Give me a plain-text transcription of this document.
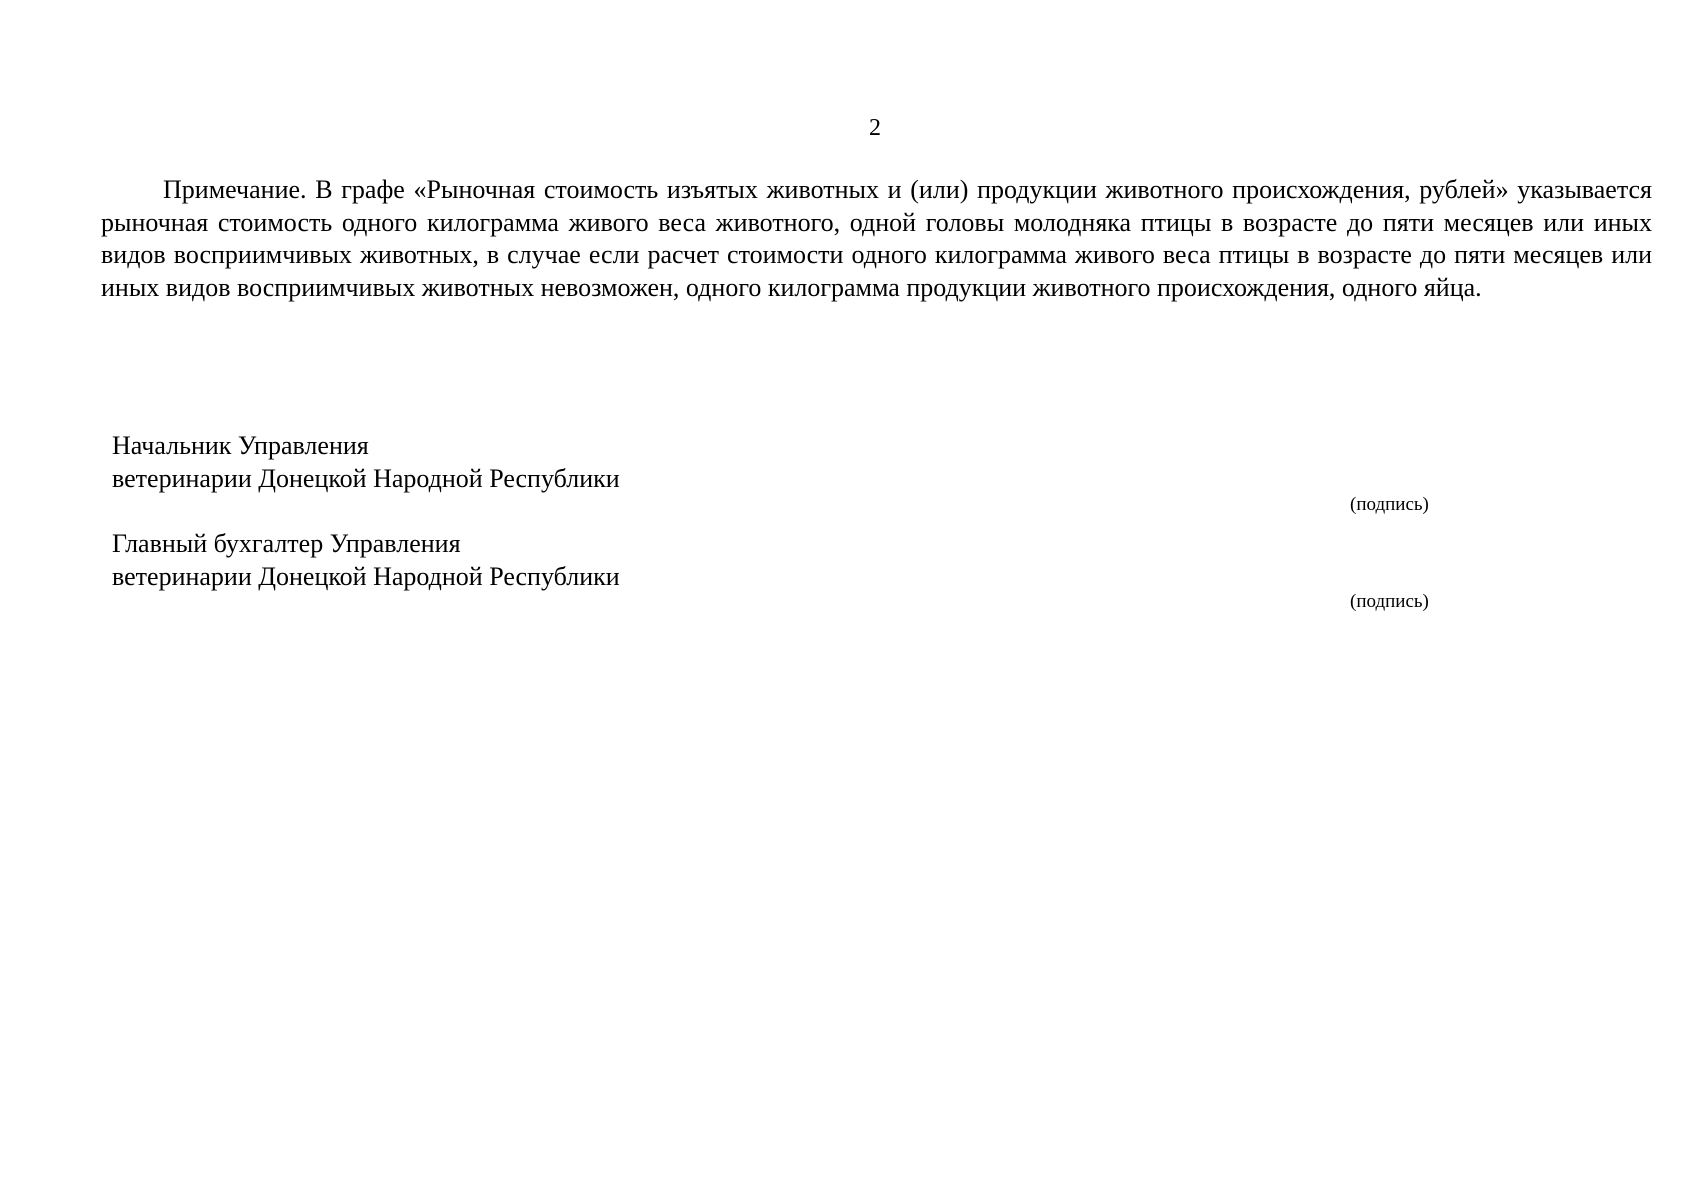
2

Примечание. В графе «Рыночная стоимость изъятых животных и (или) продукции животного происхождения, рублей» указывается рыночная стоимость одного килограмма живого веса животного, одной головы молодняка птицы в возрасте до пяти месяцев или иных видов восприимчивых животных, в случае если расчет стоимости одного килограмма живого веса птицы в возрасте до пяти месяцев или иных видов восприимчивых животных невозможен, одного килограмма продукции животного происхождения, одного яйца.

Начальник Управления
ветеринарии Донецкой Народной Республики
(подпись)
Главный бухгалтер Управления
ветеринарии Донецкой Народной Республики
(подпись)
